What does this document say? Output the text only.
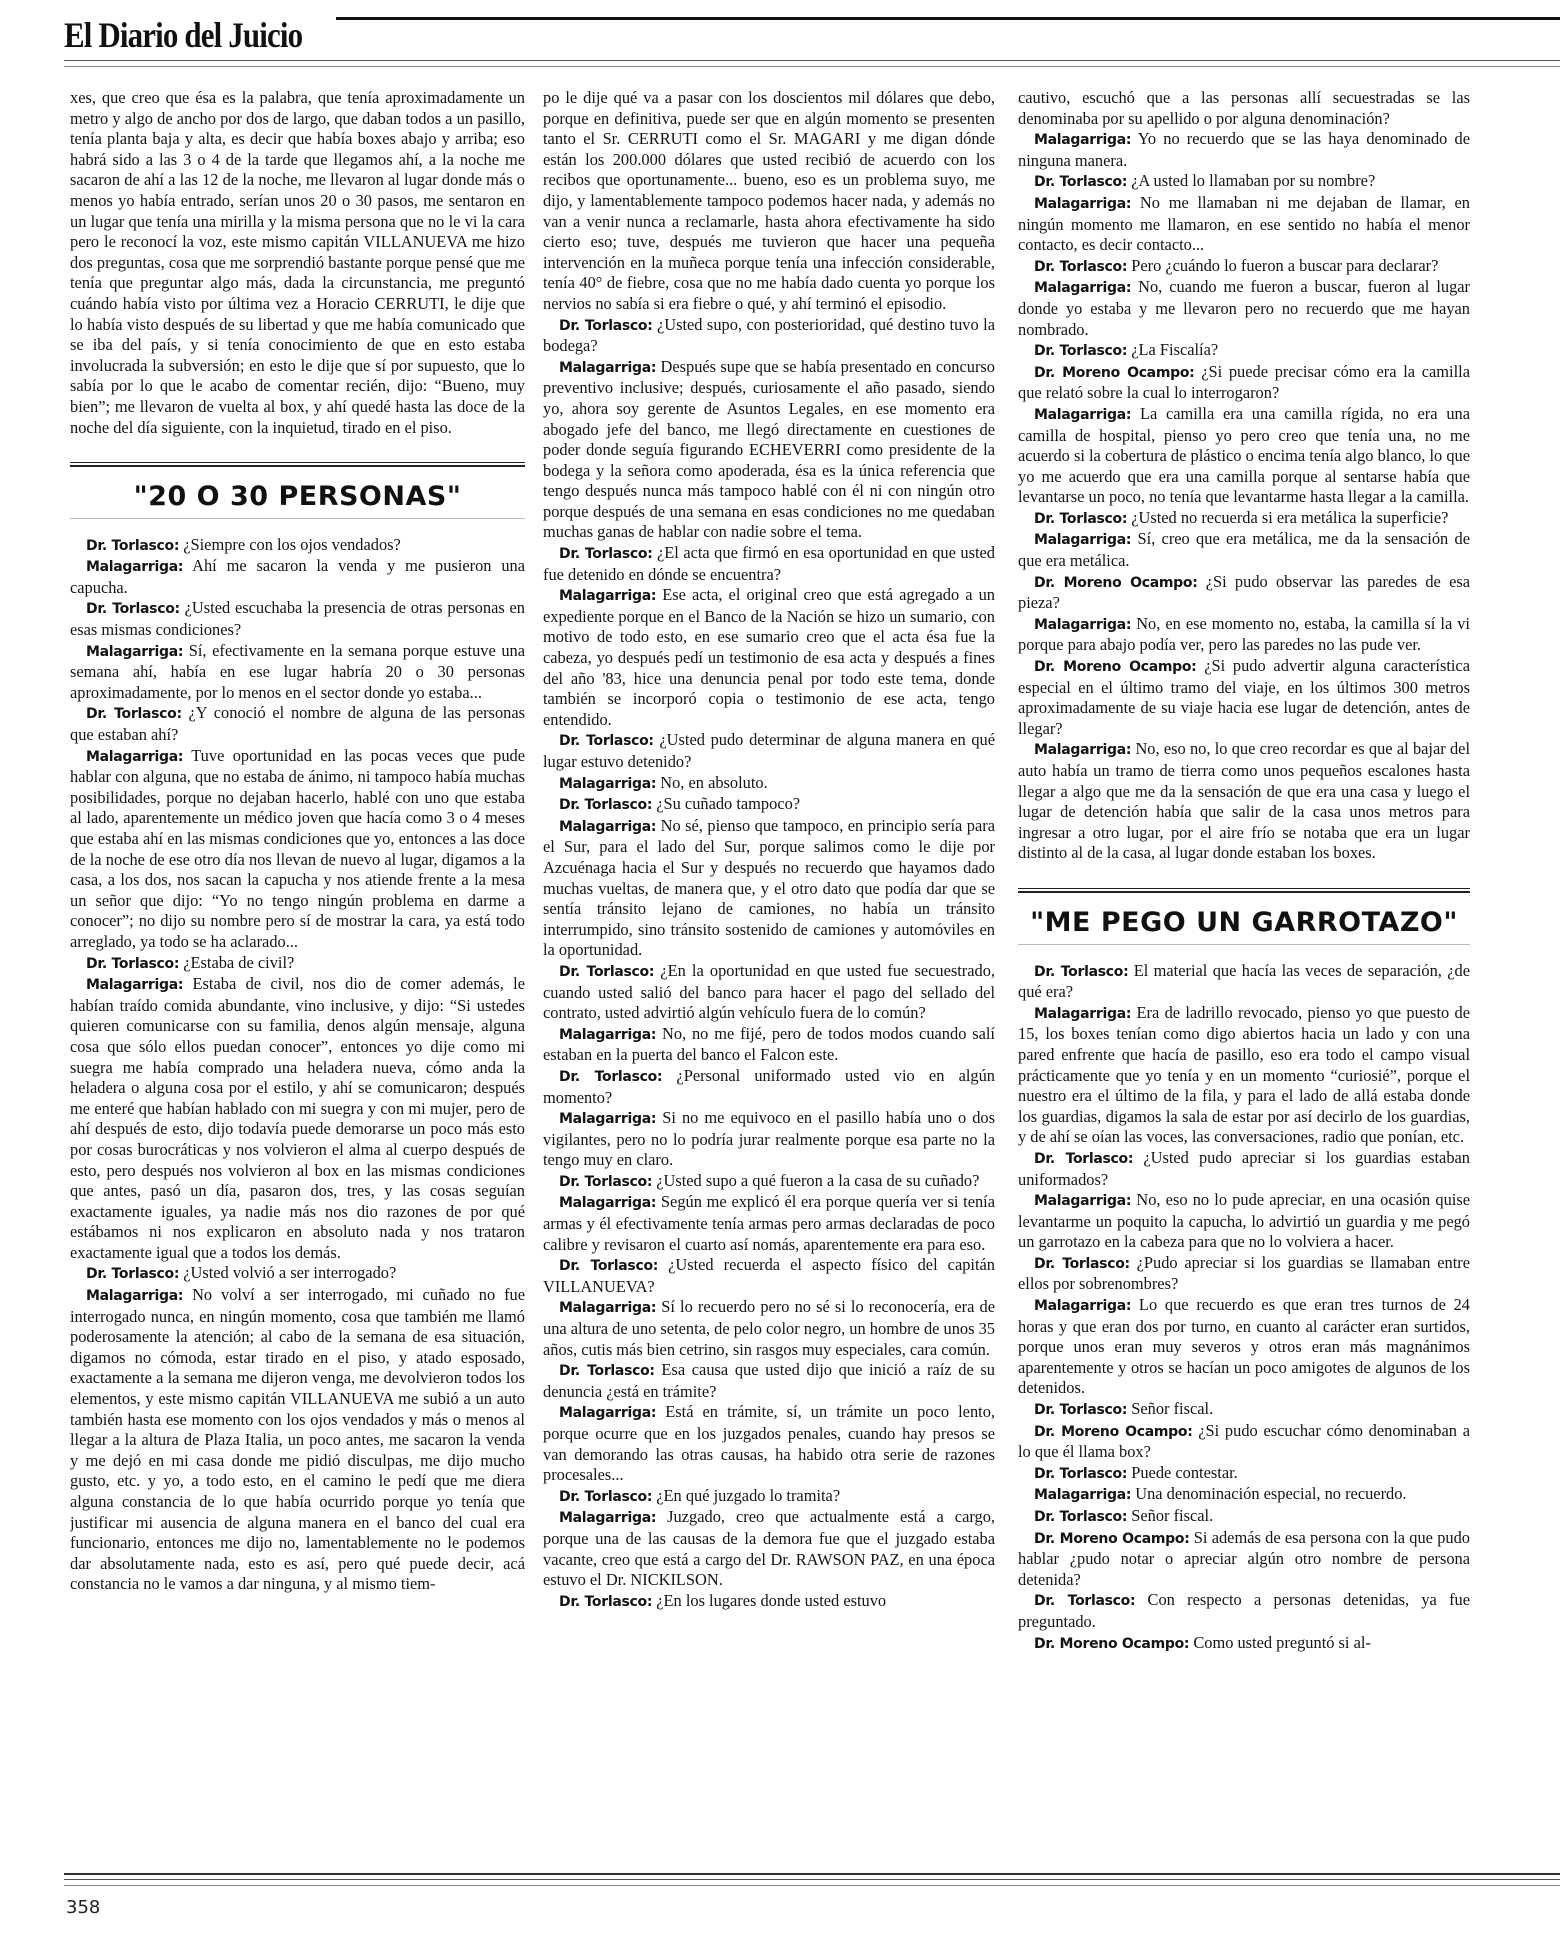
El Diario del Juicio

xes, que creo que ésa es la palabra, que tenía aproximadamente un metro y algo de ancho por dos de largo, que daban todos a un pasillo, tenía planta baja y alta, es decir que había boxes abajo y arriba; eso habrá sido a las 3 o 4 de la tarde que llegamos ahí, a la noche me sacaron de ahí a las 12 de la noche, me llevaron al lugar donde más o menos yo había entrado, serían unos 20 o 30 pasos, me sentaron en un lugar que tenía una mirilla y la misma persona que no le vi la cara pero le reconocí la voz, este mismo capitán VILLANUEVA me hizo dos preguntas, cosa que me sorprendió bastante porque pensé que me tenía que preguntar algo más, dada la circunstancia, me preguntó cuándo había visto por última vez a Horacio CERRUTI, le dije que lo había visto después de su libertad y que me había comunicado que se iba del país, y si tenía conocimiento de que en esto estaba involucrada la subversión; en esto le dije que sí por supuesto, que lo sabía por lo que le acabo de comentar recién, dijo: “Bueno, muy bien”; me llevaron de vuelta al box, y ahí quedé hasta las doce de la noche del día siguiente, con la inquietud, tirado en el piso.

"20 O 30 PERSONAS"

Dr. Torlasco: ¿Siempre con los ojos vendados?

Malagarriga: Ahí me sacaron la venda y me pusieron una capucha.

Dr. Torlasco: ¿Usted escuchaba la presencia de otras personas en esas mismas condiciones?

Malagarriga: Sí, efectivamente en la semana porque estuve una semana ahí, había en ese lugar habría 20 o 30 personas aproximadamente, por lo menos en el sector donde yo estaba...

Dr. Torlasco: ¿Y conoció el nombre de alguna de las personas que estaban ahí?

Malagarriga: Tuve oportunidad en las pocas veces que pude hablar con alguna, que no estaba de ánimo, ni tampoco había muchas posibilidades, porque no dejaban hacerlo, hablé con uno que estaba al lado, aparentemente un médico joven que hacía como 3 o 4 meses que estaba ahí en las mismas condiciones que yo, entonces a las doce de la noche de ese otro día nos llevan de nuevo al lugar, digamos a la casa, a los dos, nos sacan la capucha y nos atiende frente a la mesa un señor que dijo: “Yo no tengo ningún problema en darme a conocer”; no dijo su nombre pero sí de mostrar la cara, ya está todo arreglado, ya todo se ha aclarado...

Dr. Torlasco: ¿Estaba de civil?

Malagarriga: Estaba de civil, nos dio de comer además, le habían traído comida abundante, vino inclusive, y dijo: “Si ustedes quieren comunicarse con su familia, denos algún mensaje, alguna cosa que sólo ellos puedan conocer”, entonces yo dije como mi suegra me había comprado una heladera nueva, cómo anda la heladera o alguna cosa por el estilo, y ahí se comunicaron; después me enteré que habían hablado con mi suegra y con mi mujer, pero de ahí después de esto, dijo todavía puede demorarse un poco más esto por cosas burocráticas y nos volvieron el alma al cuerpo después de esto, pero después nos volvieron al box en las mismas condiciones que antes, pasó un día, pasaron dos, tres, y las cosas seguían exactamente iguales, ya nadie más nos dio razones de por qué estábamos ni nos explicaron en absoluto nada y nos trataron exactamente igual que a todos los demás.

Dr. Torlasco: ¿Usted volvió a ser interrogado?

Malagarriga: No volví a ser interrogado, mi cuñado no fue interrogado nunca, en ningún momento, cosa que también me llamó poderosamente la atención; al cabo de la semana de esa situación, digamos no cómoda, estar tirado en el piso, y atado esposado, exactamente a la semana me dijeron venga, me devolvieron todos los elementos, y este mismo capitán VILLANUEVA me subió a un auto también hasta ese momento con los ojos vendados y más o menos al llegar a la altura de Plaza Italia, un poco antes, me sacaron la venda y me dejó en mi casa donde me pidió disculpas, me dijo mucho gusto, etc. y yo, a todo esto, en el camino le pedí que me diera alguna constancia de lo que había ocurrido porque yo tenía que justificar mi ausencia de alguna manera en el banco del cual era funcionario, entonces me dijo no, lamentablemente no le podemos dar absolutamente nada, esto es así, pero qué puede decir, acá constancia no le vamos a dar ninguna, y al mismo tiem-

po le dije qué va a pasar con los doscientos mil dólares que debo, porque en definitiva, puede ser que en algún momento se presenten tanto el Sr. CERRUTI como el Sr. MAGARI y me digan dónde están los 200.000 dólares que usted recibió de acuerdo con los recibos que oportunamente... bueno, eso es un problema suyo, me dijo, y lamentablemente tampoco podemos hacer nada, y además no van a venir nunca a reclamarle, hasta ahora efectivamente ha sido cierto eso; tuve, después me tuvieron que hacer una pequeña intervención en la muñeca porque tenía una infección considerable, tenía 40° de fiebre, cosa que no me había dado cuenta yo porque los nervios no sabía si era fiebre o qué, y ahí terminó el episodio.

Dr. Torlasco: ¿Usted supo, con posterioridad, qué destino tuvo la bodega?

Malagarriga: Después supe que se había presentado en concurso preventivo inclusive; después, curiosamente el año pasado, siendo yo, ahora soy gerente de Asuntos Legales, en ese momento era abogado jefe del banco, me llegó directamente en cuestiones de poder donde seguía figurando ECHEVERRI como presidente de la bodega y la señora como apoderada, ésa es la única referencia que tengo después nunca más tampoco hablé con él ni con ningún otro porque después de una semana en esas condiciones no me quedaban muchas ganas de hablar con nadie sobre el tema.

Dr. Torlasco: ¿El acta que firmó en esa oportunidad en que usted fue detenido en dónde se encuentra?

Malagarriga: Ese acta, el original creo que está agregado a un expediente porque en el Banco de la Nación se hizo un sumario, con motivo de todo esto, en ese sumario creo que el acta ésa fue la cabeza, yo después pedí un testimonio de esa acta y después a fines del año '83, hice una denuncia penal por todo este tema, donde también se incorporó copia o testimonio de ese acta, tengo entendido.

Dr. Torlasco: ¿Usted pudo determinar de alguna manera en qué lugar estuvo detenido?

Malagarriga: No, en absoluto.

Dr. Torlasco: ¿Su cuñado tampoco?

Malagarriga: No sé, pienso que tampoco, en principio sería para el Sur, para el lado del Sur, porque salimos como le dije por Azcuénaga hacia el Sur y después no recuerdo que hayamos dado muchas vueltas, de manera que, y el otro dato que podía dar que se sentía tránsito lejano de camiones, no había un tránsito interrumpido, sino tránsito sostenido de camiones y automóviles en la oportunidad.

Dr. Torlasco: ¿En la oportunidad en que usted fue secuestrado, cuando usted salió del banco para hacer el pago del sellado del contrato, usted advirtió algún vehículo fuera de lo común?

Malagarriga: No, no me fijé, pero de todos modos cuando salí estaban en la puerta del banco el Falcon este.

Dr. Torlasco: ¿Personal uniformado usted vio en algún momento?

Malagarriga: Si no me equivoco en el pasillo había uno o dos vigilantes, pero no lo podría jurar realmente porque esa parte no la tengo muy en claro.

Dr. Torlasco: ¿Usted supo a qué fueron a la casa de su cuñado?

Malagarriga: Según me explicó él era porque quería ver si tenía armas y él efectivamente tenía armas pero armas declaradas de poco calibre y revisaron el cuarto así nomás, aparentemente era para eso.

Dr. Torlasco: ¿Usted recuerda el aspecto físico del capitán VILLANUEVA?

Malagarriga: Sí lo recuerdo pero no sé si lo reconocería, era de una altura de uno setenta, de pelo color negro, un hombre de unos 35 años, cutis más bien cetrino, sin rasgos muy especiales, cara común.

Dr. Torlasco: Esa causa que usted dijo que inició a raíz de su denuncia ¿está en trámite?

Malagarriga: Está en trámite, sí, un trámite un poco lento, porque ocurre que en los juzgados penales, cuando hay presos se van demorando las otras causas, ha habido otra serie de razones procesales...

Dr. Torlasco: ¿En qué juzgado lo tramita?

Malagarriga: Juzgado, creo que actualmente está a cargo, porque una de las causas de la demora fue que el juzgado estaba vacante, creo que está a cargo del Dr. RAWSON PAZ, en una época estuvo el Dr. NICKILSON.

Dr. Torlasco: ¿En los lugares donde usted estuvo

cautivo, escuchó que a las personas allí secuestradas se las denominaba por su apellido o por alguna denominación?

Malagarriga: Yo no recuerdo que se las haya denominado de ninguna manera.

Dr. Torlasco: ¿A usted lo llamaban por su nombre?

Malagarriga: No me llamaban ni me dejaban de llamar, en ningún momento me llamaron, en ese sentido no había el menor contacto, es decir contacto...

Dr. Torlasco: Pero ¿cuándo lo fueron a buscar para declarar?

Malagarriga: No, cuando me fueron a buscar, fueron al lugar donde yo estaba y me llevaron pero no recuerdo que me hayan nombrado.

Dr. Torlasco: ¿La Fiscalía?

Dr. Moreno Ocampo: ¿Si puede precisar cómo era la camilla que relató sobre la cual lo interrogaron?

Malagarriga: La camilla era una camilla rígida, no era una camilla de hospital, pienso yo pero creo que tenía una, no me acuerdo si la cobertura de plástico o encima tenía algo blanco, lo que yo me acuerdo que era una camilla porque al sentarse había que levantarse un poco, no tenía que levantarme hasta llegar a la camilla.

Dr. Torlasco: ¿Usted no recuerda si era metálica la superficie?

Malagarriga: Sí, creo que era metálica, me da la sensación de que era metálica.

Dr. Moreno Ocampo: ¿Si pudo observar las paredes de esa pieza?

Malagarriga: No, en ese momento no, estaba, la camilla sí la vi porque para abajo podía ver, pero las paredes no las pude ver.

Dr. Moreno Ocampo: ¿Si pudo advertir alguna característica especial en el último tramo del viaje, en los últimos 300 metros aproximadamente de su viaje hacia ese lugar de detención, antes de llegar?

Malagarriga: No, eso no, lo que creo recordar es que al bajar del auto había un tramo de tierra como unos pequeños escalones hasta llegar a algo que me da la sensación de que era una casa y luego el lugar de detención había que salir de la casa unos metros para ingresar a otro lugar, por el aire frío se notaba que era un lugar distinto al de la casa, al lugar donde estaban los boxes.

"ME PEGO UN GARROTAZO"

Dr. Torlasco: El material que hacía las veces de separación, ¿de qué era?

Malagarriga: Era de ladrillo revocado, pienso yo que puesto de 15, los boxes tenían como digo abiertos hacia un lado y con una pared enfrente que hacía de pasillo, eso era todo el campo visual prácticamente que yo tenía y en un momento “curiosié”, porque el nuestro era el último de la fila, y para el lado de allá estaba donde los guardias, digamos la sala de estar por así decirlo de los guardias, y de ahí se oían las voces, las conversaciones, radio que ponían, etc.

Dr. Torlasco: ¿Usted pudo apreciar si los guardias estaban uniformados?

Malagarriga: No, eso no lo pude apreciar, en una ocasión quise levantarme un poquito la capucha, lo advirtió un guardia y me pegó un garrotazo en la cabeza para que no lo volviera a hacer.

Dr. Torlasco: ¿Pudo apreciar si los guardias se llamaban entre ellos por sobrenombres?

Malagarriga: Lo que recuerdo es que eran tres turnos de 24 horas y que eran dos por turno, en cuanto al carácter eran surtidos, porque unos eran muy severos y otros eran más magnánimos aparentemente y otros se hacían un poco amigotes de algunos de los detenidos.

Dr. Torlasco: Señor fiscal.

Dr. Moreno Ocampo: ¿Si pudo escuchar cómo denominaban a lo que él llama box?

Dr. Torlasco: Puede contestar.

Malagarriga: Una denominación especial, no recuerdo.

Dr. Torlasco: Señor fiscal.

Dr. Moreno Ocampo: Si además de esa persona con la que pudo hablar ¿pudo notar o apreciar algún otro nombre de persona detenida?

Dr. Torlasco: Con respecto a personas detenidas, ya fue preguntado.

Dr. Moreno Ocampo: Como usted preguntó si al-

358
